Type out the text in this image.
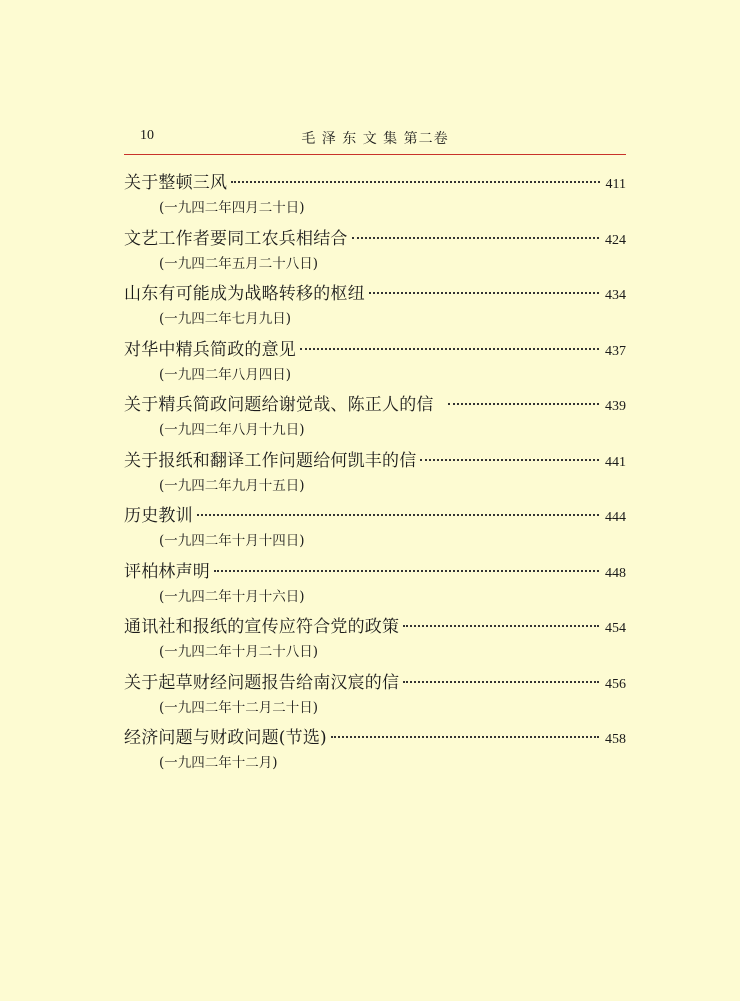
10	毛 泽 东 文 集 第二卷
关于整顿三风	411
(一九四二年四月二十日)
文艺工作者要同工农兵相结合	424
(一九四二年五月二十八日)
山东有可能成为战略转移的枢纽	434
(一九四二年七月九日)
对华中精兵简政的意见	437
(一九四二年八月四日)
关于精兵简政问题给谢觉哉、陈正人的信	439
(一九四二年八月十九日)
关于报纸和翻译工作问题给何凯丰的信	441
(一九四二年九月十五日)
历史教训	444
(一九四二年十月十四日)
评柏林声明	448
(一九四二年十月十六日)
通讯社和报纸的宣传应符合党的政策	454
(一九四二年十月二十八日)
关于起草财经问题报告给南汉宸的信	456
(一九四二年十二月二十日)
经济问题与财政问题(节选)	458
(一九四二年十二月)
